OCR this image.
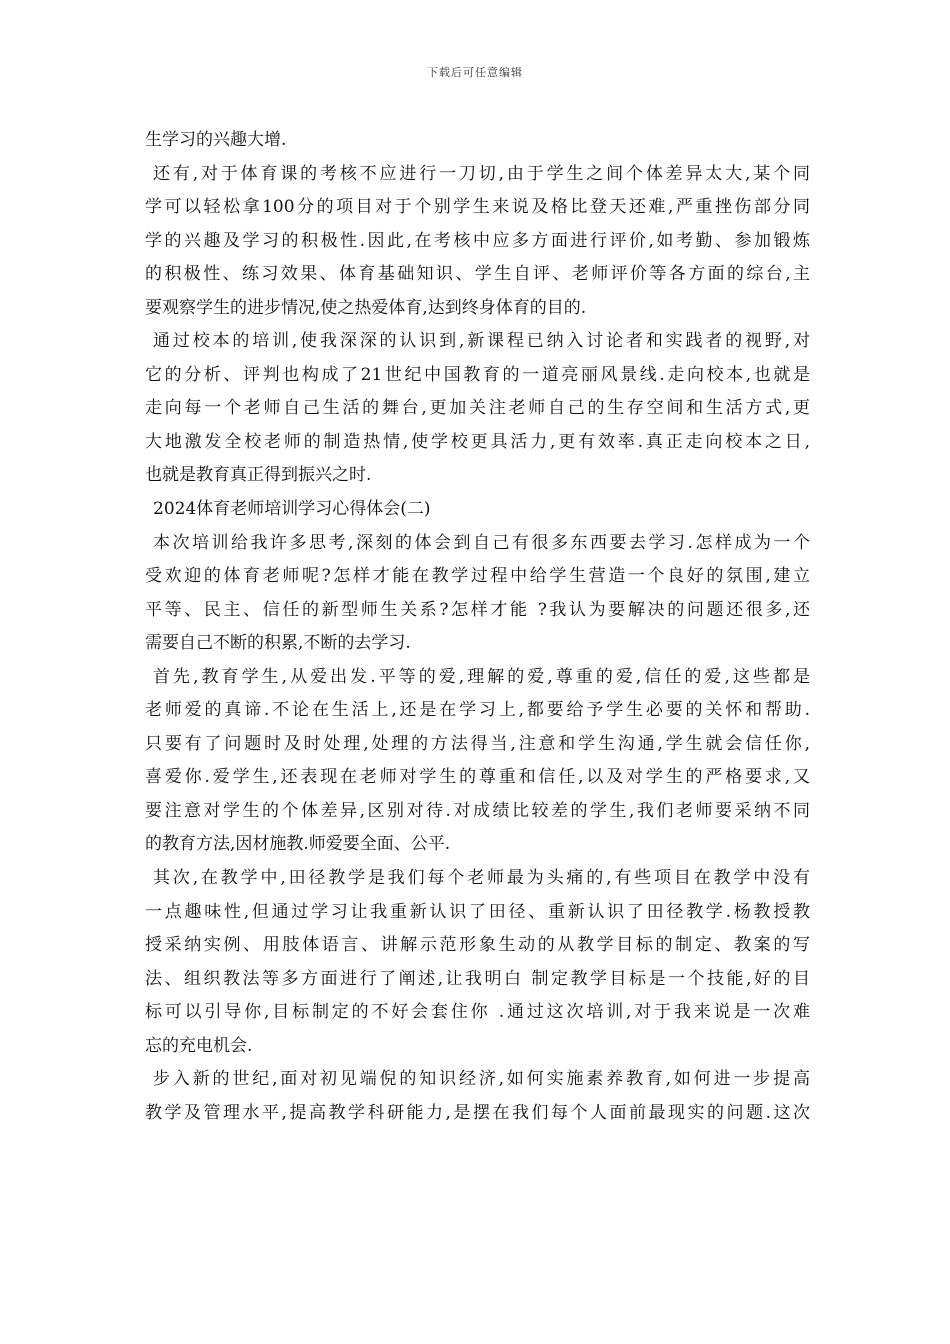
下载后可任意编辑
生学习的兴趣大增.
还有,对于体育课的考核不应进行一刀切,由于学生之间个体差异太大,某个同
学可以轻松拿100分的项目对于个别学生来说及格比登天还难,严重挫伤部分同
学的兴趣及学习的积极性.因此,在考核中应多方面进行评价,如考勤、参加锻炼
的积极性、练习效果、体育基础知识、学生自评、老师评价等各方面的综台,主
要观察学生的进步情况,使之热爱体育,达到终身体育的目的.
通过校本的培训,使我深深的认识到,新课程已纳入讨论者和实践者的视野,对
它的分析、评判也构成了21世纪中国教育的一道亮丽风景线.走向校本,也就是
走向每一个老师自己生活的舞台,更加关注老师自己的生存空间和生活方式,更
大地激发全校老师的制造热情,使学校更具活力,更有效率.真正走向校本之日,
也就是教育真正得到振兴之时.
2024体育老师培训学习心得体会(二)
本次培训给我许多思考,深刻的体会到自己有很多东西要去学习.怎样成为一个
受欢迎的体育老师呢?怎样才能在教学过程中给学生营造一个良好的氛围,建立
平等、民主、信任的新型师生关系?怎样才能 ?我认为要解决的问题还很多,还
需要自己不断的积累,不断的去学习.
首先,教育学生,从爱出发.平等的爱,理解的爱,尊重的爱,信任的爱,这些都是
老师爱的真谛.不论在生活上,还是在学习上,都要给予学生必要的关怀和帮助.
只要有了问题时及时处理,处理的方法得当,注意和学生沟通,学生就会信任你,
喜爱你.爱学生,还表现在老师对学生的尊重和信任,以及对学生的严格要求,又
要注意对学生的个体差异,区别对待.对成绩比较差的学生,我们老师要采纳不同
的教育方法,因材施教.师爱要全面、公平.
其次,在教学中,田径教学是我们每个老师最为头痛的,有些项目在教学中没有
一点趣味性,但通过学习让我重新认识了田径、重新认识了田径教学.杨教授教
授采纳实例、用肢体语言、讲解示范形象生动的从教学目标的制定、教案的写
法、组织教法等多方面进行了阐述,让我明白 制定教学目标是一个技能,好的目
标可以引导你,目标制定的不好会套住你 .通过这次培训,对于我来说是一次难
忘的充电机会.
步入新的世纪,面对初见端倪的知识经济,如何实施素养教育,如何进一步提高
教学及管理水平,提高教学科研能力,是摆在我们每个人面前最现实的问题.这次
